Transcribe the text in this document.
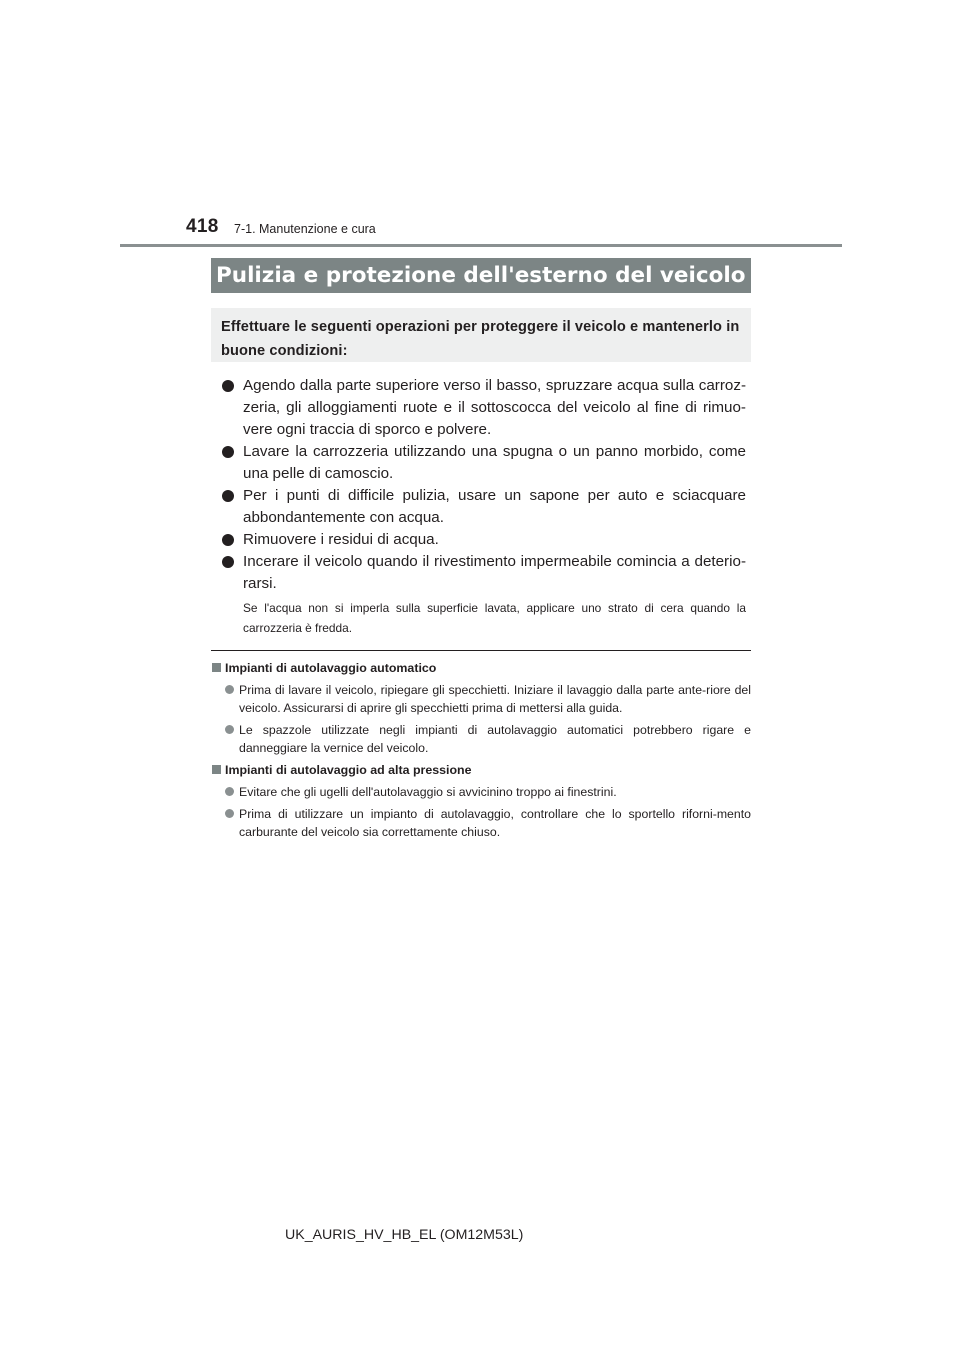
418 7-1. Manutenzione e cura
Pulizia e protezione dell'esterno del veicolo
Effettuare le seguenti operazioni per proteggere il veicolo e mantenerlo in buone condizioni:
Agendo dalla parte superiore verso il basso, spruzzare acqua sulla carroz-zeria, gli alloggiamenti ruote e il sottoscocca del veicolo al fine di rimuo-vere ogni traccia di sporco e polvere.
Lavare la carrozzeria utilizzando una spugna o un panno morbido, come una pelle di camoscio.
Per i punti di difficile pulizia, usare un sapone per auto e sciacquare abbondantemente con acqua.
Rimuovere i residui di acqua.
Incerare il veicolo quando il rivestimento impermeabile comincia a deterio-rarsi.
Se l'acqua non si imperla sulla superficie lavata, applicare uno strato di cera quando la carrozzeria è fredda.
Impianti di autolavaggio automatico
Prima di lavare il veicolo, ripiegare gli specchietti. Iniziare il lavaggio dalla parte ante-riore del veicolo. Assicurarsi di aprire gli specchietti prima di mettersi alla guida.
Le spazzole utilizzate negli impianti di autolavaggio automatici potrebbero rigare e danneggiare la vernice del veicolo.
Impianti di autolavaggio ad alta pressione
Evitare che gli ugelli dell'autolavaggio si avvicinino troppo ai finestrini.
Prima di utilizzare un impianto di autolavaggio, controllare che lo sportello riforni-mento carburante del veicolo sia correttamente chiuso.
UK_AURIS_HV_HB_EL (OM12M53L)
